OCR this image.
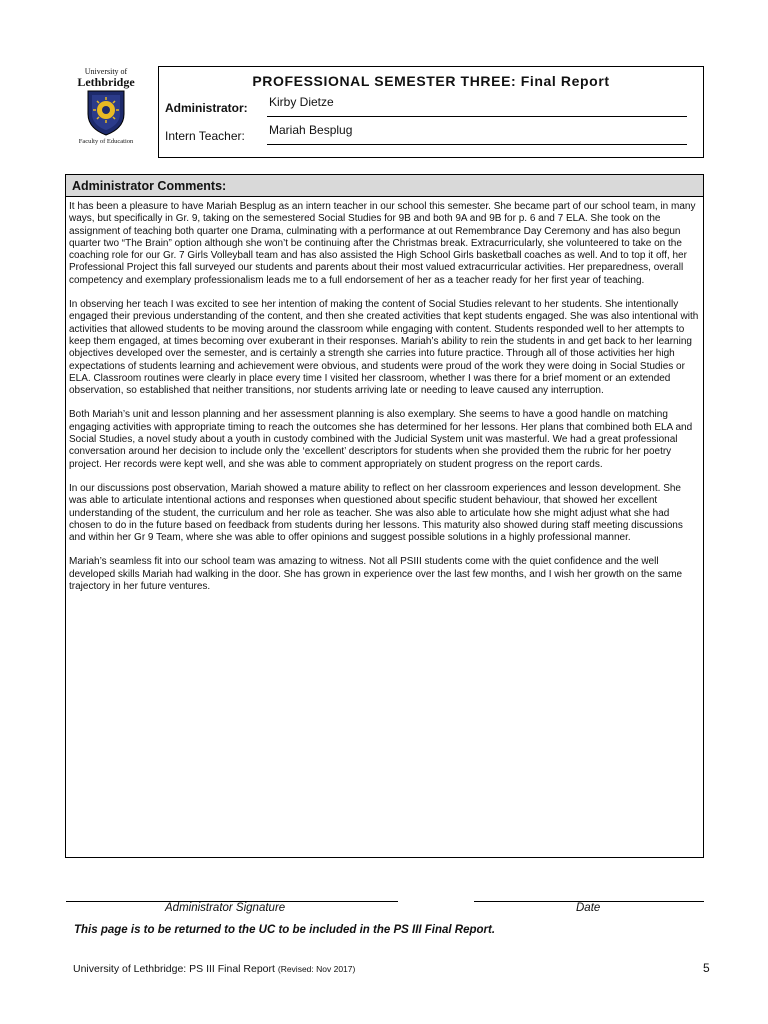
University of
Lethbridge
Faculty of Education
PROFESSIONAL SEMESTER THREE: Final Report
Administrator: Kirby Dietze
Intern Teacher: Mariah Besplug
Administrator Comments:

It has been a pleasure to have Mariah Besplug as an intern teacher in our school this semester. She became part of our school team, in many ways, but specifically in Gr. 9, taking on the semestered Social Studies for 9B and both 9A and 9B for p. 6 and 7 ELA. She took on the assignment of teaching both quarter one Drama, culminating with a performance at out Remembrance Day Ceremony and has also begun quarter two “The Brain” option although she won’t be continuing after the Christmas break. Extracurricularly, she volunteered to take on the coaching role for our Gr. 7 Girls Volleyball team and has also assisted the High School Girls basketball coaches as well. And to top it off, her Professional Project this fall surveyed our students and parents about their most valued extracurricular activities. Her preparedness, overall competency and exemplary professionalism leads me to a full endorsement of her as a teacher ready for her first year of teaching.

In observing her teach I was excited to see her intention of making the content of Social Studies relevant to her students. She intentionally engaged their previous understanding of the content, and then she created activities that kept students engaged. She was also intentional with activities that allowed students to be moving around the classroom while engaging with content. Students responded well to her attempts to keep them engaged, at times becoming over exuberant in their responses. Mariah’s ability to rein the students in and get back to her learning objectives developed over the semester, and is certainly a strength she carries into future practice. Through all of those activities her high expectations of students learning and achievement were obvious, and students were proud of the work they were doing in Social Studies or ELA. Classroom routines were clearly in place every time I visited her classroom, whether I was there for a brief moment or an extended observation, so established that neither transitions, nor students arriving late or needing to leave caused any interruption.

Both Mariah’s unit and lesson planning and her assessment planning is also exemplary. She seems to have a good handle on matching engaging activities with appropriate timing to reach the outcomes she has determined for her lessons. Her plans that combined both ELA and Social Studies, a novel study about a youth in custody combined with the Judicial System unit was masterful. We had a great professional conversation around her decision to include only the ‘excellent’ descriptors for students when she provided them the rubric for her poetry project. Her records were kept well, and she was able to comment appropriately on student progress on the report cards.

In our discussions post observation, Mariah showed a mature ability to reflect on her classroom experiences and lesson development. She was able to articulate intentional actions and responses when questioned about specific student behaviour, that showed her excellent understanding of the student, the curriculum and her role as teacher. She was also able to articulate how she might adjust what she had chosen to do in the future based on feedback from students during her lessons. This maturity also showed during staff meeting discussions and within her Gr 9 Team, where she was able to offer opinions and suggest possible solutions in a highly professional manner.

Mariah’s seamless fit into our school team was amazing to witness. Not all PSIII students come with the quiet confidence and the well developed skills Mariah had walking in the door. She has grown in experience over the last few months, and I wish her growth on the same trajectory in her future ventures.

Administrator Signature	Date
This page is to be returned to the UC to be included in the PS III Final Report.
University of Lethbridge: PS III Final Report (Revised: Nov 2017)	5
